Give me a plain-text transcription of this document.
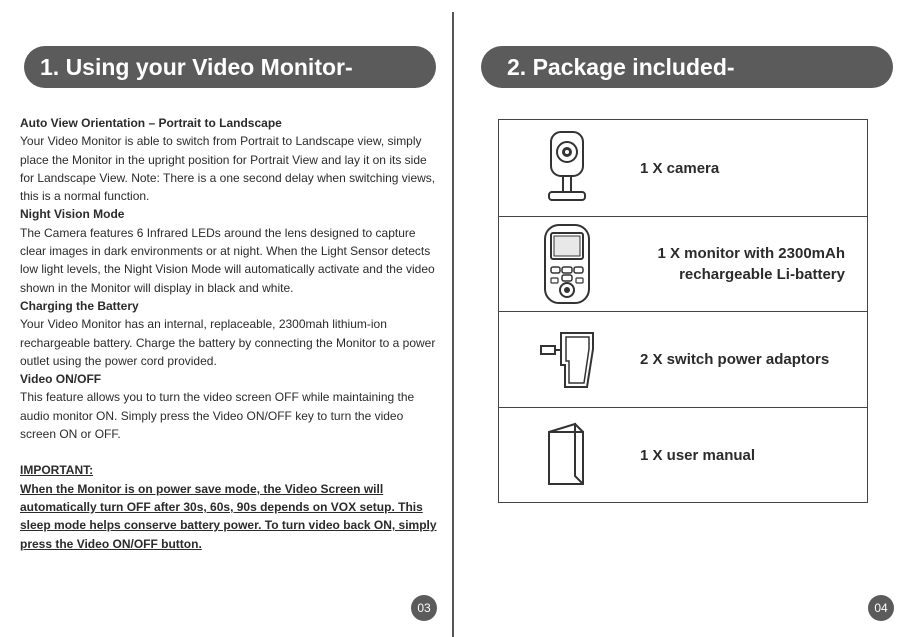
1. Using your Video Monitor-

Auto View Orientation – Portrait to Landscape

Your Video Monitor is able to switch from Portrait to Landscape view, simply place the Monitor in the upright position for Portrait View and lay it on its side for Landscape View. Note: There is a one second delay when switching views, this is a normal function.

Night Vision Mode

The Camera features 6 Infrared LEDs around the lens designed to capture clear images in dark environments or at night. When the Light Sensor detects low light levels, the Night Vision Mode will automatically activate and the video shown in the Monitor will display in black and white.

Charging the Battery

Your Video Monitor has an internal, replaceable, 2300mah lithium-ion rechargeable battery. Charge the battery by connecting the Monitor to a power outlet using the power cord provided.

Video ON/OFF

This feature allows you to turn the video screen OFF while maintaining the audio monitor ON. Simply press the Video ON/OFF key to turn the video screen ON or OFF.

IMPORTANT:

When the Monitor is on power save mode, the Video Screen will automatically turn OFF after 30s, 60s, 90s depends on VOX setup. This sleep mode helps conserve battery power. To turn video back ON, simply press the Video ON/OFF button.

03
2. Package included-
1 X camera
1 X monitor with 2300mAh
rechargeable Li-battery
2 X switch power adaptors
1 X user manual
04
